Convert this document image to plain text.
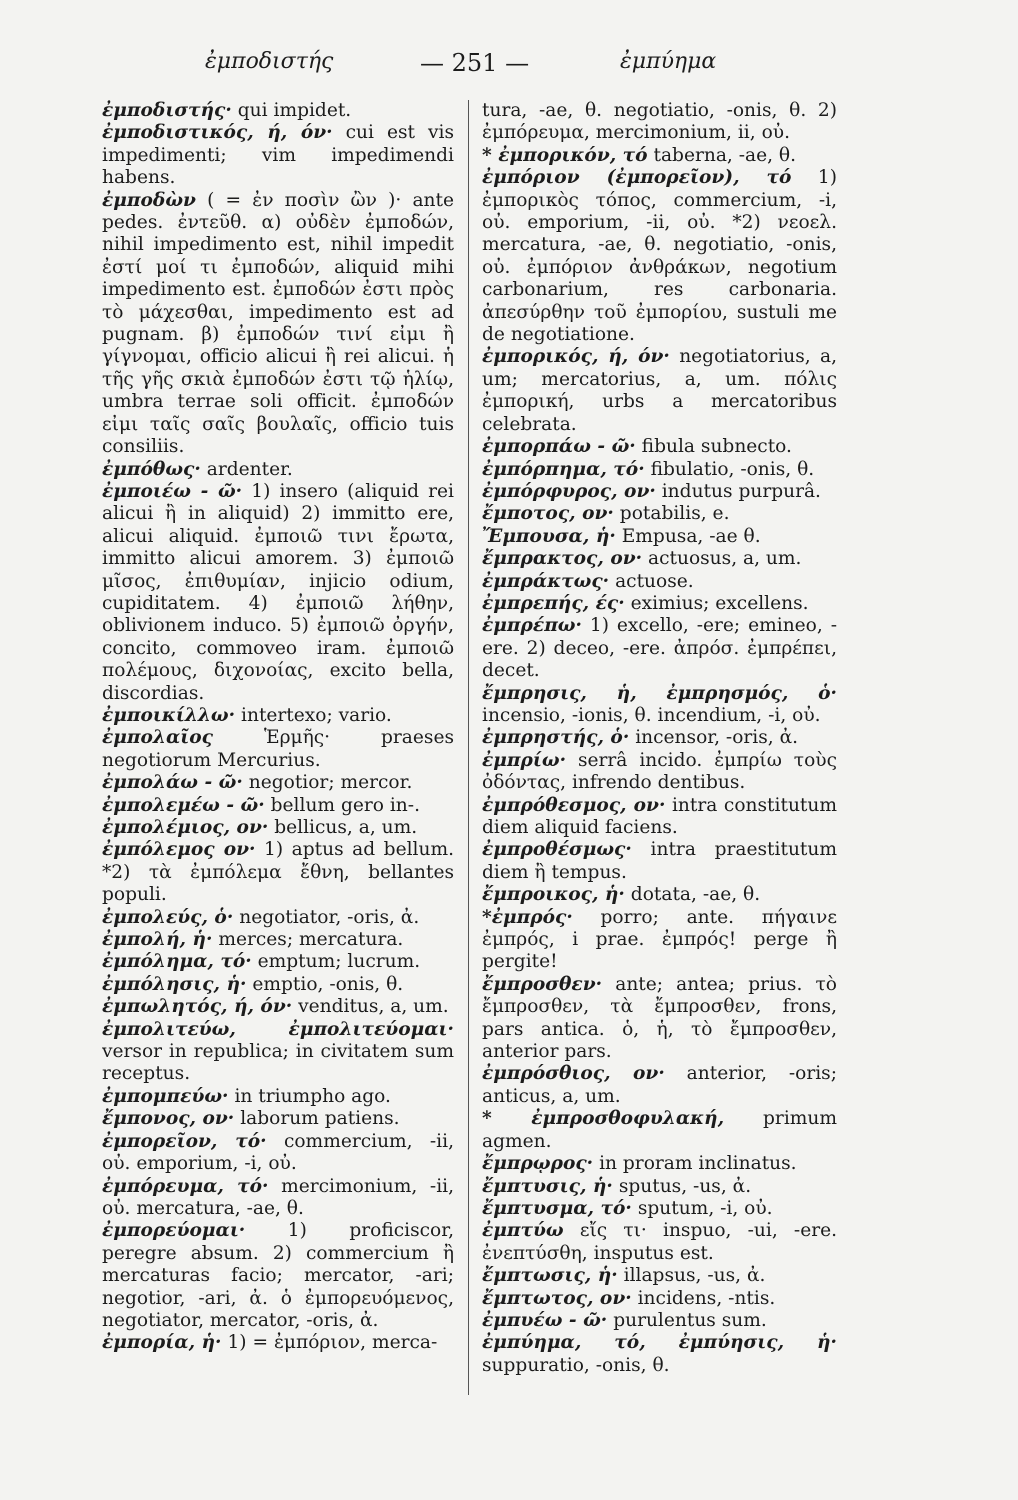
ἐμποδιστής	— 251 —	ἐμπύημα

ἐμποδιστής· qui impidet.

ἐμποδιστικός, ή, όν· cui est vis impedimenti; vim impedimendi habens.

ἐμποδὼν ( = ἐν ποσὶν ὢν )· ante pedes. ἐντεῦθ. α) οὐδὲν ἐμποδών, nihil impedimento est, nihil impedit ἐστί μοί τι ἐμποδών, aliquid mihi impedimento est. ἐμποδών ἐστι πρὸς τὸ μάχεσθαι, impedimento est ad pugnam. β) ἐμποδών τινί εἰμι ἢ γίγνομαι, officio alicui ἢ rei alicui. ἡ τῆς γῆς σκιὰ ἐμποδών ἐστι τῷ ἡλίῳ, umbra terrae soli officit. ἐμποδών εἰμι ταῖς σαῖς βουλαῖς, officio tuis consiliis.

ἐμπόθως· ardenter.

ἐμποιέω - ῶ· 1) insero (aliquid rei alicui ἢ in aliquid) 2) immitto ere, alicui aliquid. ἐμποιῶ τινι ἔρωτα, immitto alicui amorem. 3) ἐμποιῶ μῖσος, ἐπιθυμίαν, injicio odium, cupiditatem. 4) ἐμποιῶ λήθην, oblivionem induco. 5) ἐμποιῶ ὀργήν, concito, commoveo iram. ἐμποιῶ πολέμους, διχονοίας, excito bella, discordias.

ἐμποικίλλω· intertexo; vario.

ἐμπολαῖος Ἑρμῆς· praeses negotiorum Mercurius.

ἐμπολάω - ῶ· negotior; mercor.

ἐμπολεμέω - ῶ· bellum gero in-.

ἐμπολέμιος, ον· bellicus, a, um.

ἐμπόλεμος ον· 1) aptus ad bellum. *2) τὰ ἐμπόλεμα ἔθνη, bellantes populi.

ἐμπολεύς, ὁ· negotiator, -oris, ἀ.

ἐμπολή, ἡ· merces; mercatura.

ἐμπόλημα, τό· emptum; lucrum.

ἐμπόλησις, ἡ· emptio, -onis, θ.

ἐμπωλητός, ή, όν· venditus, a, um.

ἐμπολιτεύω, ἐμπολιτεύομαι· versor in republica; in civitatem sum receptus.

ἐμπομπεύω· in triumpho ago.

ἔμπονος, ον· laborum patiens.

ἐμπορεῖον, τό· commercium, -ii, οὐ. emporium, -i, οὐ.

ἐμπόρευμα, τό· mercimonium, -ii, οὐ. mercatura, -ae, θ.

ἐμπορεύομαι· 1) proficiscor, peregre absum. 2) commercium ἢ mercaturas facio; mercator, -ari; negotior, -ari, ἀ. ὁ ἐμπορευόμενος, negotiator, mercator, -oris, ἀ.

ἐμπορία, ἡ· 1) = ἐμπόριον, merca-

tura, -ae, θ. negotiatio, -onis, θ. 2) ἐμπόρευμα, mercimonium, ii, οὐ.

* ἐμπορικόν, τό taberna, -ae, θ.

ἐμπόριον (ἐμπορεῖον), τό 1) ἐμπορικὸς τόπος, commercium, -i, οὐ. emporium, -ii, οὐ. *2) νεοελ. mercatura, -ae, θ. negotiatio, -onis, οὐ. ἐμπόριον ἀνθράκων, negotium carbonarium, res carbonaria. ἀπεσύρθην τοῦ ἐμπορίου, sustuli me de negotiatione.

ἐμπορικός, ή, όν· negotiatorius, a, um; mercatorius, a, um. πόλις ἐμπορική, urbs a mercatoribus celebrata.

ἐμπορπάω - ῶ· fibula subnecto.

ἐμπόρπημα, τό· fibulatio, -onis, θ.

ἐμπόρφυρος, ον· indutus purpurâ.

ἔμποτος, ον· potabilis, e.

Ἔμπουσα, ἡ· Empusa, -ae θ.

ἔμπρακτος, ον· actuosus, a, um.

ἐμπράκτως· actuose.

ἐμπρεπής, ές· eximius; excellens.

ἐμπρέπω· 1) excello, -ere; emineo, -ere. 2) deceo, -ere. ἀπρόσ. ἐμπρέπει, decet.

ἔμπρησις, ἡ, ἐμπρησμός, ὁ· incensio, -ionis, θ. incendium, -i, οὐ.

ἐμπρηστής, ὁ· incensor, -oris, ἀ.

ἐμπρίω· serrâ incido. ἐμπρίω τοὺς ὀδόντας, infrendo dentibus.

ἐμπρόθεσμος, ον· intra constitutum diem aliquid faciens.

ἐμπροθέσμως· intra praestitutum diem ἢ tempus.

ἔμπροικος, ἡ· dotata, -ae, θ.

*ἐμπρός· porro; ante. πήγαινε ἐμπρός, i prae. ἐμπρός! perge ἢ pergite!

ἔμπροσθεν· ante; antea; prius. τὸ ἔμπροσθεν, τὰ ἔμπροσθεν, frons, pars antica. ὁ, ἡ, τὸ ἔμπροσθεν, anterior pars.

ἐμπρόσθιος, ον· anterior, -oris; anticus, a, um.

* ἐμπροσθοφυλακή, primum agmen.

ἔμπρῳρος· in proram inclinatus.

ἔμπτυσις, ἡ· sputus, -us, ἀ.

ἔμπτυσμα, τό· sputum, -i, οὐ.

ἐμπτύω εἴς τι· inspuo, -ui, -ere. ἐνεπτύσθη, insputus est.

ἔμπτωσις, ἡ· illapsus, -us, ἀ.

ἔμπτωτος, ον· incidens, -ntis.

ἐμπυέω - ῶ· purulentus sum.

ἐμπύημα, τό, ἐμπύησις, ἡ· suppuratio, -onis, θ.
